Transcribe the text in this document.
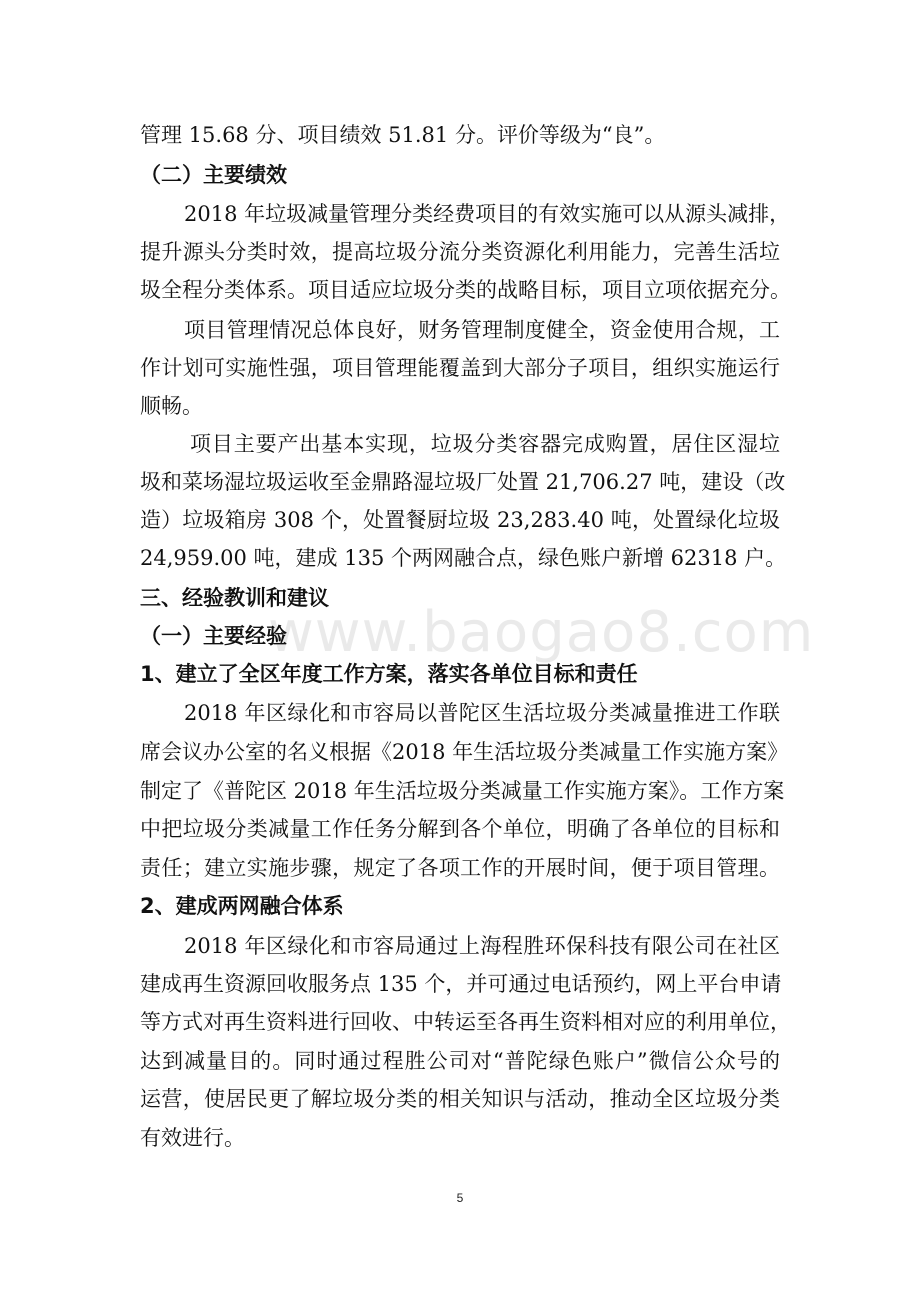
管理 15.68 分、项目绩效 51.81 分。评价等级为“良”。
（二）主要绩效
2018 年垃圾减量管理分类经费项目的有效实施可以从源头减排，
提升源头分类时效，提高垃圾分流分类资源化利用能力，完善生活垃
圾全程分类体系。项目适应垃圾分类的战略目标，项目立项依据充分。
项目管理情况总体良好，财务管理制度健全，资金使用合规，工
作计划可实施性强，项目管理能覆盖到大部分子项目，组织实施运行
顺畅。
项目主要产出基本实现，垃圾分类容器完成购置，居住区湿垃
圾和菜场湿垃圾运收至金鼎路湿垃圾厂处置 21,706.27 吨，建设（改
造）垃圾箱房 308 个，处置餐厨垃圾 23,283.40 吨，处置绿化垃圾
24,959.00 吨，建成 135 个两网融合点，绿色账户新增 62318 户。
三、经验教训和建议
www.baogao8.com
（一）主要经验
1、建立了全区年度工作方案，落实各单位目标和责任
2018 年区绿化和市容局以普陀区生活垃圾分类减量推进工作联
席会议办公室的名义根据《2018 年生活垃圾分类减量工作实施方案》
制定了《普陀区 2018 年生活垃圾分类减量工作实施方案》。工作方案
中把垃圾分类减量工作任务分解到各个单位，明确了各单位的目标和
责任；建立实施步骤，规定了各项工作的开展时间，便于项目管理。
2、建成两网融合体系
2018 年区绿化和市容局通过上海程胜环保科技有限公司在社区
建成再生资源回收服务点 135 个，并可通过电话预约，网上平台申请
等方式对再生资料进行回收、中转运至各再生资料相对应的利用单位，
达到减量目的。同时通过程胜公司对“普陀绿色账户”微信公众号的
运营，使居民更了解垃圾分类的相关知识与活动，推动全区垃圾分类
有效进行。
5
